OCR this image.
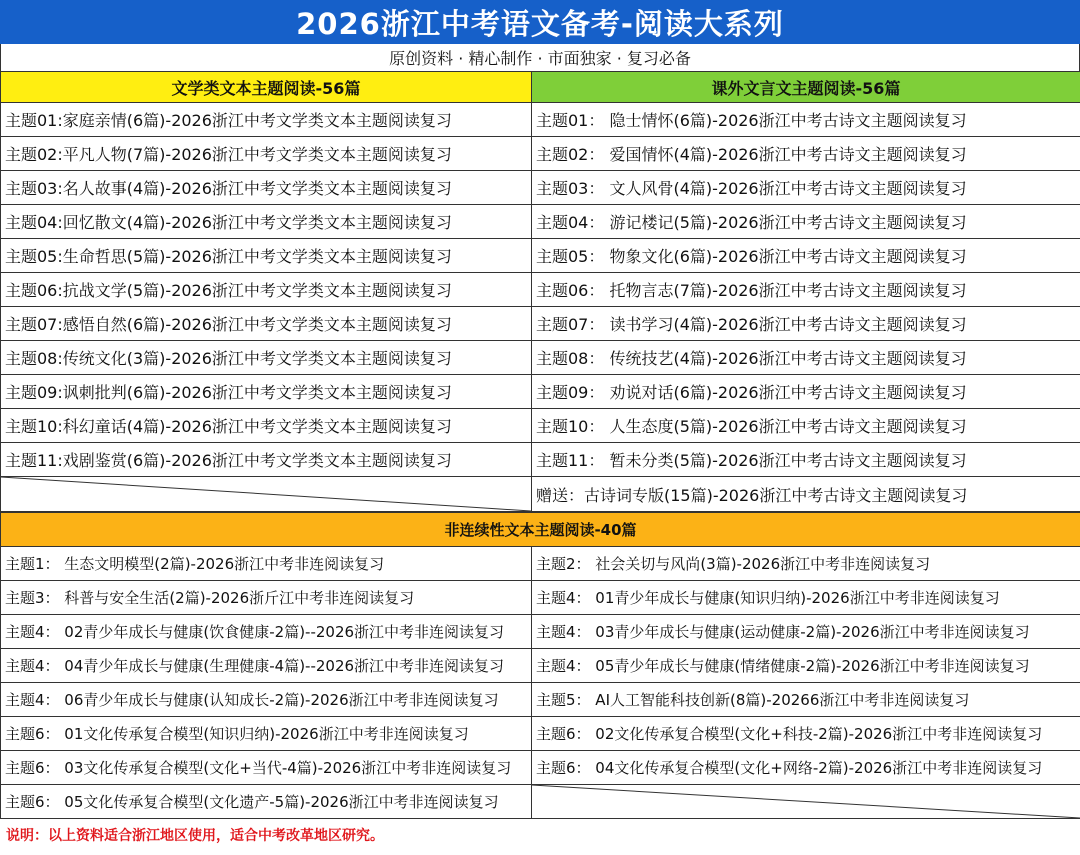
2026浙江中考语文备考-阅读大系列
原创资料 · 精心制作 · 市面独家 · 复习必备
文学类文本主题阅读-56篇	课外文言文主题阅读-56篇
主题01:家庭亲情(6篇)-2026浙江中考文学类文本主题阅读复习	主题01： 隐士情怀(6篇)-2026浙江中考古诗文主题阅读复习
主题02:平凡人物(7篇)-2026浙江中考文学类文本主题阅读复习	主题02： 爱国情怀(4篇)-2026浙江中考古诗文主题阅读复习
主题03:名人故事(4篇)-2026浙江中考文学类文本主题阅读复习	主题03： 文人风骨(4篇)-2026浙江中考古诗文主题阅读复习
主题04:回忆散文(4篇)-2026浙江中考文学类文本主题阅读复习	主题04： 游记楼记(5篇)-2026浙江中考古诗文主题阅读复习
主题05:生命哲思(5篇)-2026浙江中考文学类文本主题阅读复习	主题05： 物象文化(6篇)-2026浙江中考古诗文主题阅读复习
主题06:抗战文学(5篇)-2026浙江中考文学类文本主题阅读复习	主题06： 托物言志(7篇)-2026浙江中考古诗文主题阅读复习
主题07:感悟自然(6篇)-2026浙江中考文学类文本主题阅读复习	主题07： 读书学习(4篇)-2026浙江中考古诗文主题阅读复习
主题08:传统文化(3篇)-2026浙江中考文学类文本主题阅读复习	主题08： 传统技艺(4篇)-2026浙江中考古诗文主题阅读复习
主题09:讽刺批判(6篇)-2026浙江中考文学类文本主题阅读复习	主题09： 劝说对话(6篇)-2026浙江中考古诗文主题阅读复习
主题10:科幻童话(4篇)-2026浙江中考文学类文本主题阅读复习	主题10： 人生态度(5篇)-2026浙江中考古诗文主题阅读复习
主题11:戏剧鉴赏(6篇)-2026浙江中考文学类文本主题阅读复习	主题11： 暂未分类(5篇)-2026浙江中考古诗文主题阅读复习

	赠送：古诗词专版(15篇)-2026浙江中考古诗文主题阅读复习
非连续性文本主题阅读-40篇	
主题1： 生态文明模型(2篇)-2026浙江中考非连阅读复习	主题2： 社会关切与风尚(3篇)-2026浙江中考非连阅读复习
主题3： 科普与安全生活(2篇)-2026浙斤江中考非连阅读复习	主题4： 01青少年成长与健康(知识归纳)-2026浙江中考非连阅读复习
主题4： 02青少年成长与健康(饮食健康-2篇)--2026浙江中考非连阅读复习	主题4： 03青少年成长与健康(运动健康-2篇)-2026浙江中考非连阅读复习
主题4： 04青少年成长与健康(生理健康-4篇)--2026浙江中考非连阅读复习	主题4： 05青少年成长与健康(情绪健康-2篇)-2026浙江中考非连阅读复习
主题4： 06青少年成长与健康(认知成长-2篇)-2026浙江中考非连阅读复习	主题5： AI人工智能科技创新(8篇)-20266浙江中考非连阅读复习
主题6： 01文化传承复合模型(知识归纳)-2026浙江中考非连阅读复习	主题6： 02文化传承复合模型(文化+科技-2篇)-2026浙江中考非连阅读复习
主题6： 03文化传承复合模型(文化+当代-4篇)-2026浙江中考非连阅读复习	主题6： 04文化传承复合模型(文化+网络-2篇)-2026浙江中考非连阅读复习
主题6： 05文化传承复合模型(文化遗产-5篇)-2026浙江中考非连阅读复习	
说明：以上资料适合浙江地区使用，适合中考改革地区研究。
